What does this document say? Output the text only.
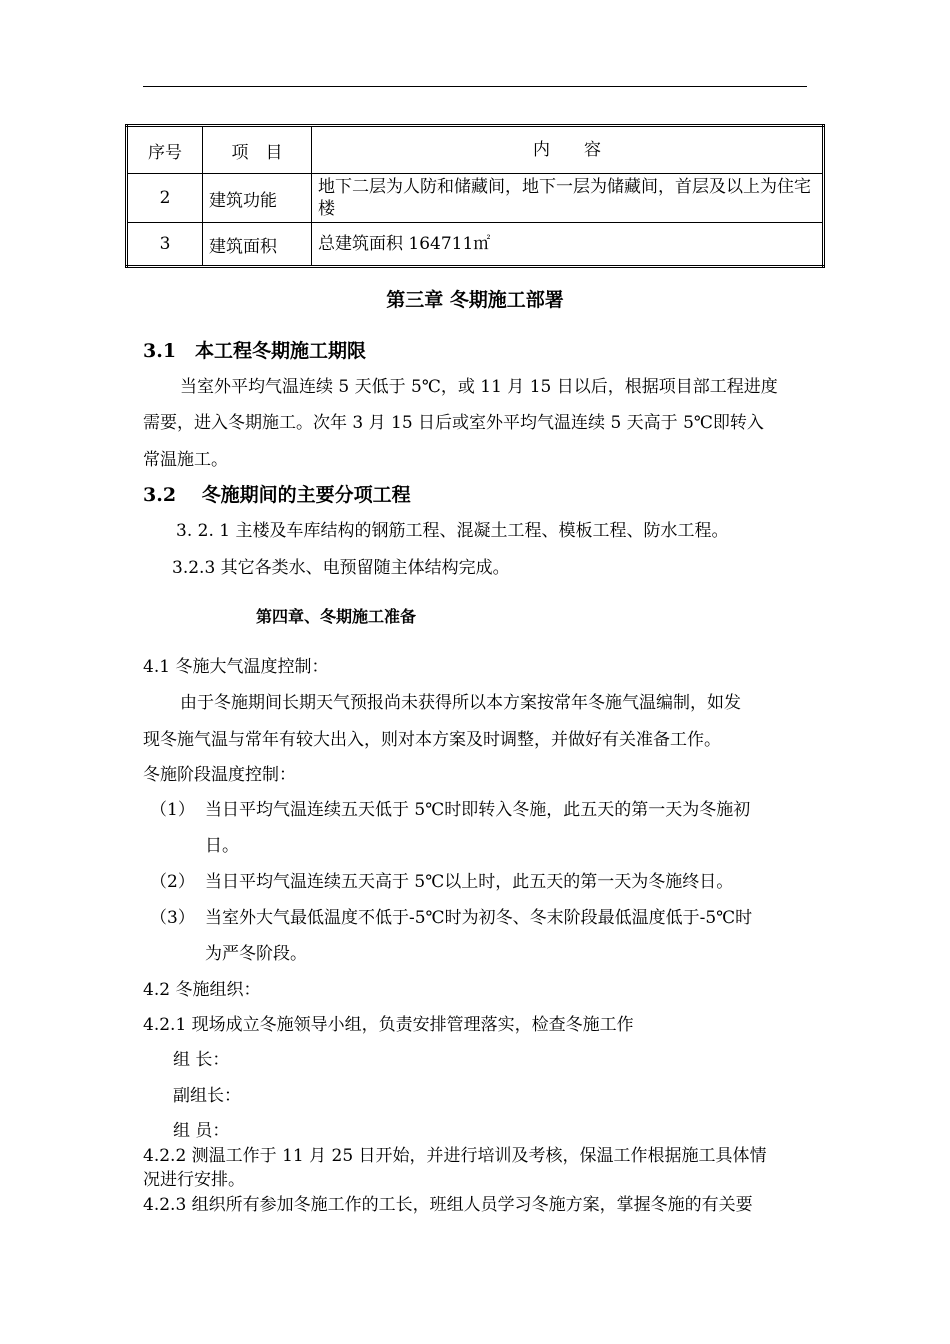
序号	项　目	内　　容
2	建筑功能	地下二层为人防和储藏间，地下一层为储藏间，首层及以上为住宅楼
3	建筑面积	总建筑面积 164711㎡
第三章 冬期施工部署
3.1　本工程冬期施工期限
当室外平均气温连续 5 天低于 5℃，或 11 月 15 日以后，根据项目部工程进度
需要，进入冬期施工。次年 3 月 15 日后或室外平均气温连续 5 天高于 5℃即转入
常温施工。
3.2　 冬施期间的主要分项工程
3. 2. 1 主楼及车库结构的钢筋工程、混凝土工程、模板工程、防水工程。
3.2.3 其它各类水、电预留随主体结构完成。
第四章、冬期施工准备
4.1 冬施大气温度控制：
由于冬施期间长期天气预报尚未获得所以本方案按常年冬施气温编制，如发
现冬施气温与常年有较大出入，则对本方案及时调整，并做好有关准备工作。
冬施阶段温度控制：
（1） 当日平均气温连续五天低于 5℃时即转入冬施，此五天的第一天为冬施初
日。
（2） 当日平均气温连续五天高于 5℃以上时，此五天的第一天为冬施终日。
（3） 当室外大气最低温度不低于-5℃时为初冬、冬末阶段最低温度低于-5℃时
为严冬阶段。
4.2 冬施组织：
4.2.1 现场成立冬施领导小组，负责安排管理落实，检查冬施工作
组 长：
副组长：
组 员：
4.2.2 测温工作于 11 月 25 日开始，并进行培训及考核，保温工作根据施工具体情
况进行安排。
4.2.3 组织所有参加冬施工作的工长，班组人员学习冬施方案，掌握冬施的有关要
